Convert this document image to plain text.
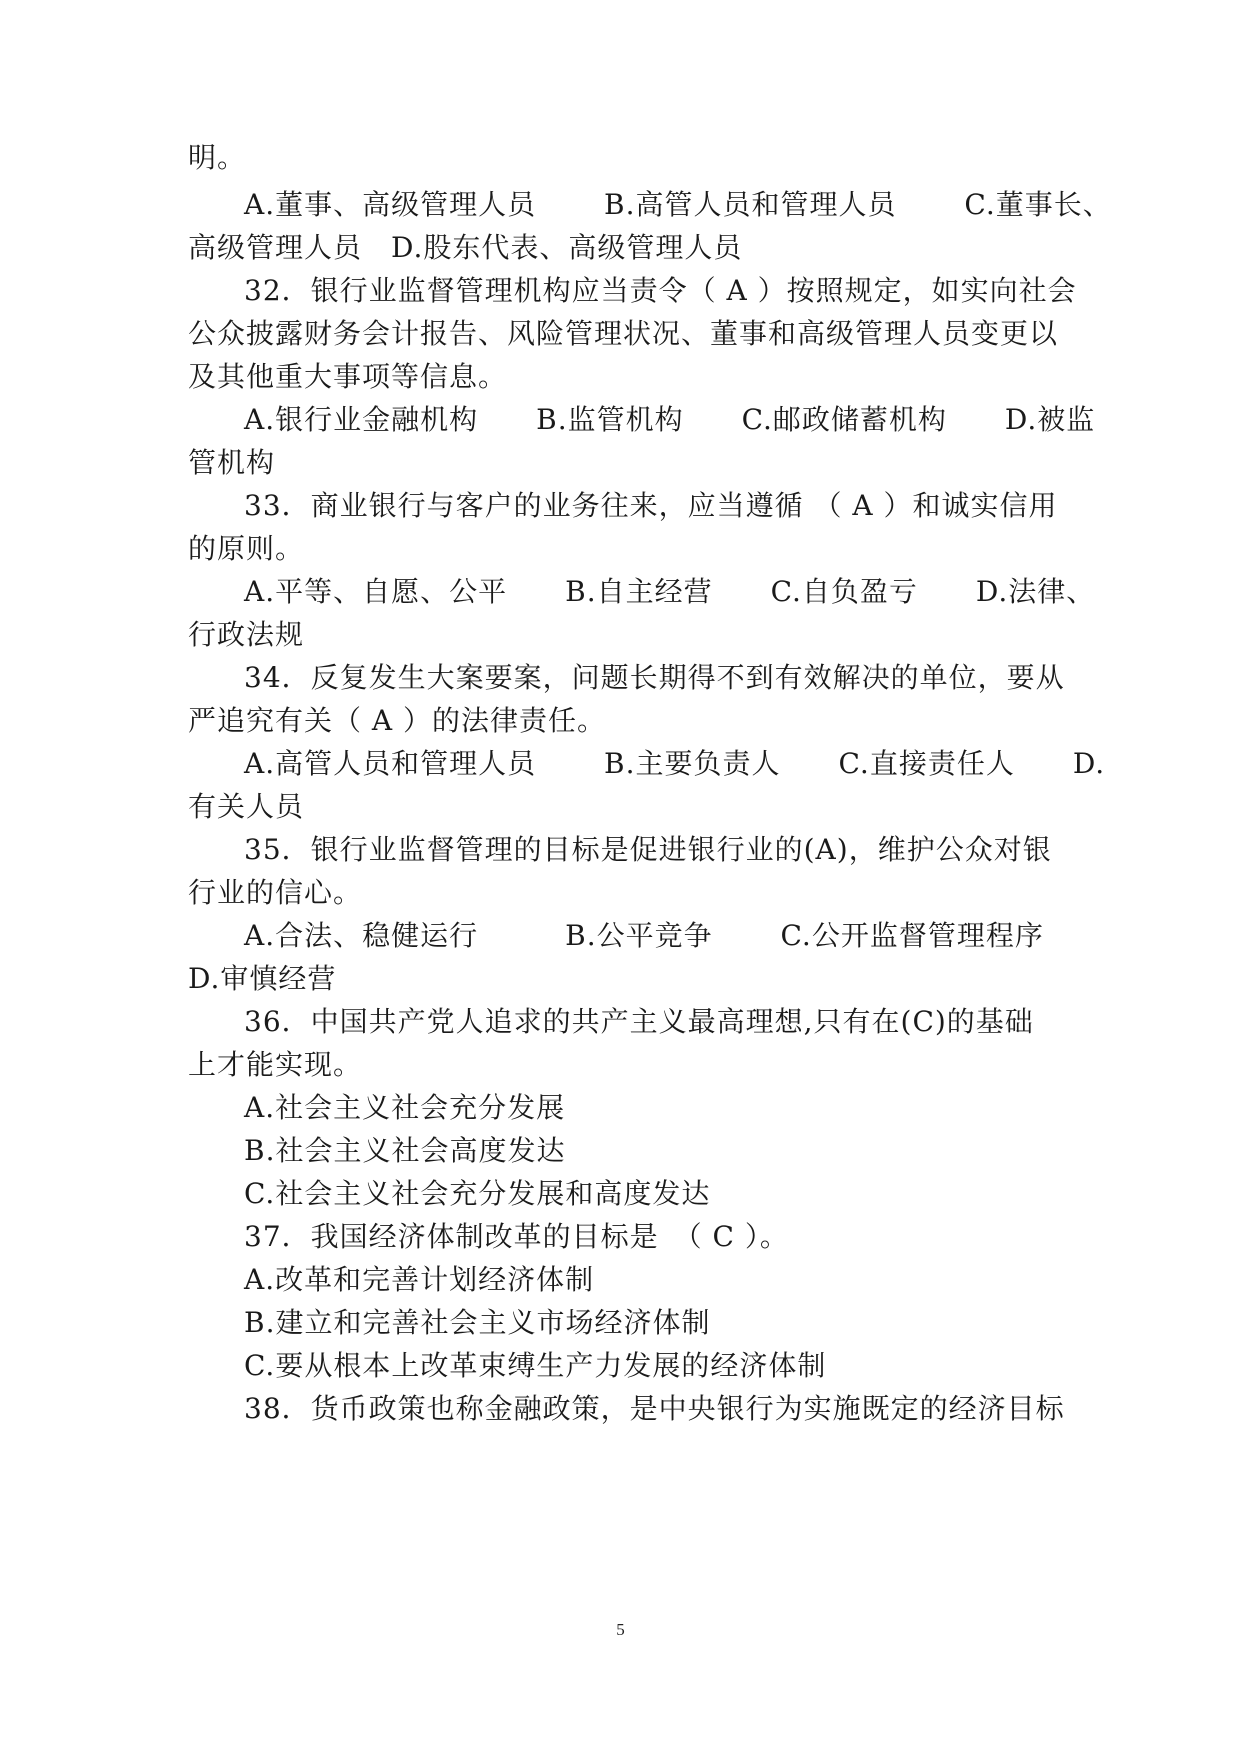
明。
A.董事、高级管理人员　　 B.高管人员和管理人员　　 C.董事长、
高级管理人员　D.股东代表、高级管理人员
32．银行业监督管理机构应当责令（ A ）按照规定，如实向社会
公众披露财务会计报告、风险管理状况、董事和高级管理人员变更以
及其他重大事项等信息。
A.银行业金融机构　　B.监管机构　　C.邮政储蓄机构　　D.被监
管机构
33．商业银行与客户的业务往来，应当遵循 （ A ）和诚实信用
的原则。
A.平等、自愿、公平　　B.自主经营　　C.自负盈亏　　D.法律、
行政法规
34．反复发生大案要案，问题长期得不到有效解决的单位，要从
严追究有关（ A ）的法律责任。
A.高管人员和管理人员　　 B.主要负责人　　C.直接责任人　　D.
有关人员
35．银行业监督管理的目标是促进银行业的(A)，维护公众对银
行业的信心。
A.合法、稳健运行　　　B.公平竞争　　 C.公开监督管理程序
D.审慎经营
36．中国共产党人追求的共产主义最高理想,只有在(C)的基础
上才能实现。
A.社会主义社会充分发展
B.社会主义社会高度发达
C.社会主义社会充分发展和高度发达
37．我国经济体制改革的目标是　（ C ）。
A.改革和完善计划经济体制
B.建立和完善社会主义市场经济体制
C.要从根本上改革束缚生产力发展的经济体制
38．货币政策也称金融政策，是中央银行为实施既定的经济目标
5
